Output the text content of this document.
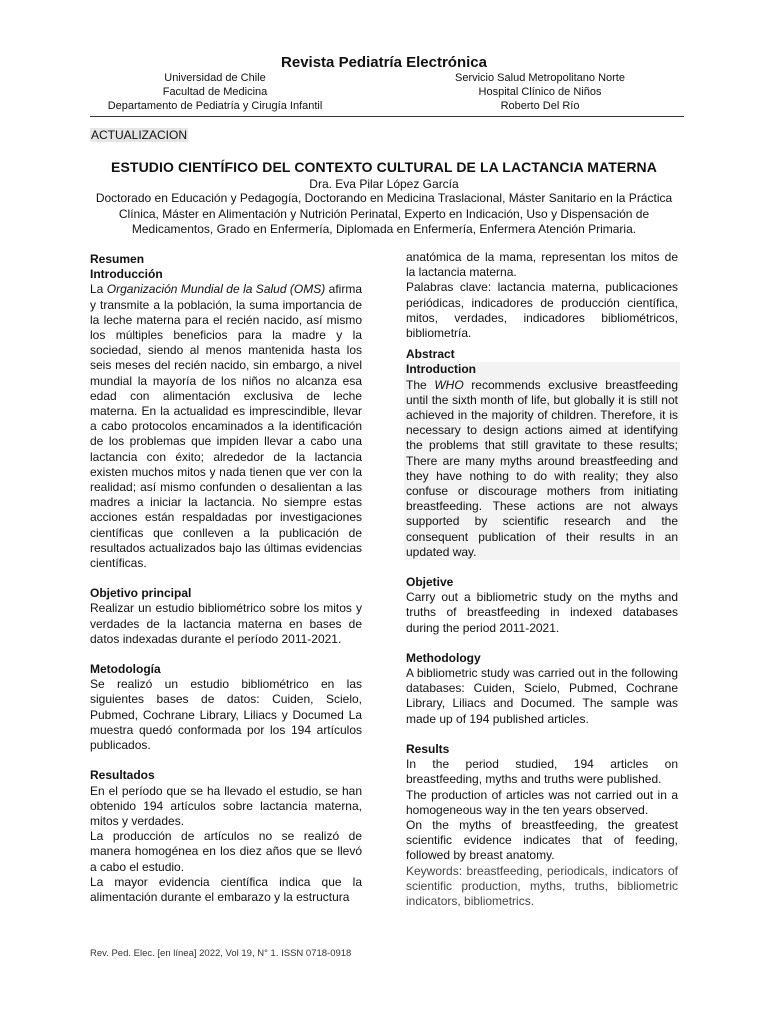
Revista Pediatría Electrónica
Universidad de Chile
Facultad de Medicina
Departamento de Pediatría y Cirugía Infantil
Servicio Salud Metropolitano Norte
Hospital Clínico de Niños
Roberto Del Río
ACTUALIZACION
ESTUDIO CIENTÍFICO DEL CONTEXTO CULTURAL DE LA LACTANCIA MATERNA
Dra. Eva Pilar López García
Doctorado en Educación y Pedagogía, Doctorando en Medicina Traslacional, Máster Sanitario en la Práctica Clínica, Máster en Alimentación y Nutrición Perinatal, Experto en Indicación, Uso y Dispensación de Medicamentos, Grado en Enfermería, Diplomada en Enfermería, Enfermera Atención Primaria.

Resumen

Introducción

La Organización Mundial de la Salud (OMS) afirma y transmite a la población, la suma importancia de la leche materna para el recién nacido, así mismo los múltiples beneficios para la madre y la sociedad, siendo al menos mantenida hasta los seis meses del recién nacido, sin embargo, a nivel mundial la mayoría de los niños no alcanza esa edad con alimentación exclusiva de leche materna. En la actualidad es imprescindible, llevar a cabo protocolos encaminados a la identificación de los problemas que impiden llevar a cabo una lactancia con éxito; alrededor de la lactancia existen muchos mitos y nada tienen que ver con la realidad; así mismo confunden o desalientan a las madres a iniciar la lactancia. No siempre estas acciones están respaldadas por investigaciones científicas que conlleven a la publicación de resultados actualizados bajo las últimas evidencias científicas.

Objetivo principal

Realizar un estudio bibliométrico sobre los mitos y verdades de la lactancia materna en bases de datos indexadas durante el período 2011-2021.

Metodología

Se realizó un estudio bibliométrico en las siguientes bases de datos: Cuiden, Scielo, Pubmed, Cochrane Library, Liliacs y Documed La muestra quedó conformada por los 194 artículos publicados.

Resultados

En el período que se ha llevado el estudio, se han obtenido 194 artículos sobre lactancia materna, mitos y verdades.

La producción de artículos no se realizó de manera homogénea en los diez años que se llevó a cabo el estudio.

La mayor evidencia científica indica que la alimentación durante el embarazo y la estructura

anatómica de la mama, representan los mitos de la lactancia materna.

Palabras clave: lactancia materna, publicaciones periódicas, indicadores de producción científica, mitos, verdades, indicadores bibliométricos, bibliometría.

Abstract

Introduction

The WHO recommends exclusive breastfeeding until the sixth month of life, but globally it is still not achieved in the majority of children. Therefore, it is necessary to design actions aimed at identifying the problems that still gravitate to these results; There are many myths around breastfeeding and they have nothing to do with reality; they also confuse or discourage mothers from initiating breastfeeding. These actions are not always supported by scientific research and the consequent publication of their results in an updated way.

Objetive

Carry out a bibliometric study on the myths and truths of breastfeeding in indexed databases during the period 2011-2021.

Methodology

A bibliometric study was carried out in the following databases: Cuiden, Scielo, Pubmed, Cochrane Library, Liliacs and Documed. The sample was made up of 194 published articles.

Results

In the period studied, 194 articles on breastfeeding, myths and truths were published.

The production of articles was not carried out in a homogeneous way in the ten years observed.

On the myths of breastfeeding, the greatest scientific evidence indicates that of feeding, followed by breast anatomy.

Keywords: breastfeeding, periodicals, indicators of scientific production, myths, truths, bibliometric indicators, bibliometrics.

Rev. Ped. Elec. [en línea] 2022, Vol 19, N° 1. ISSN 0718-0918
